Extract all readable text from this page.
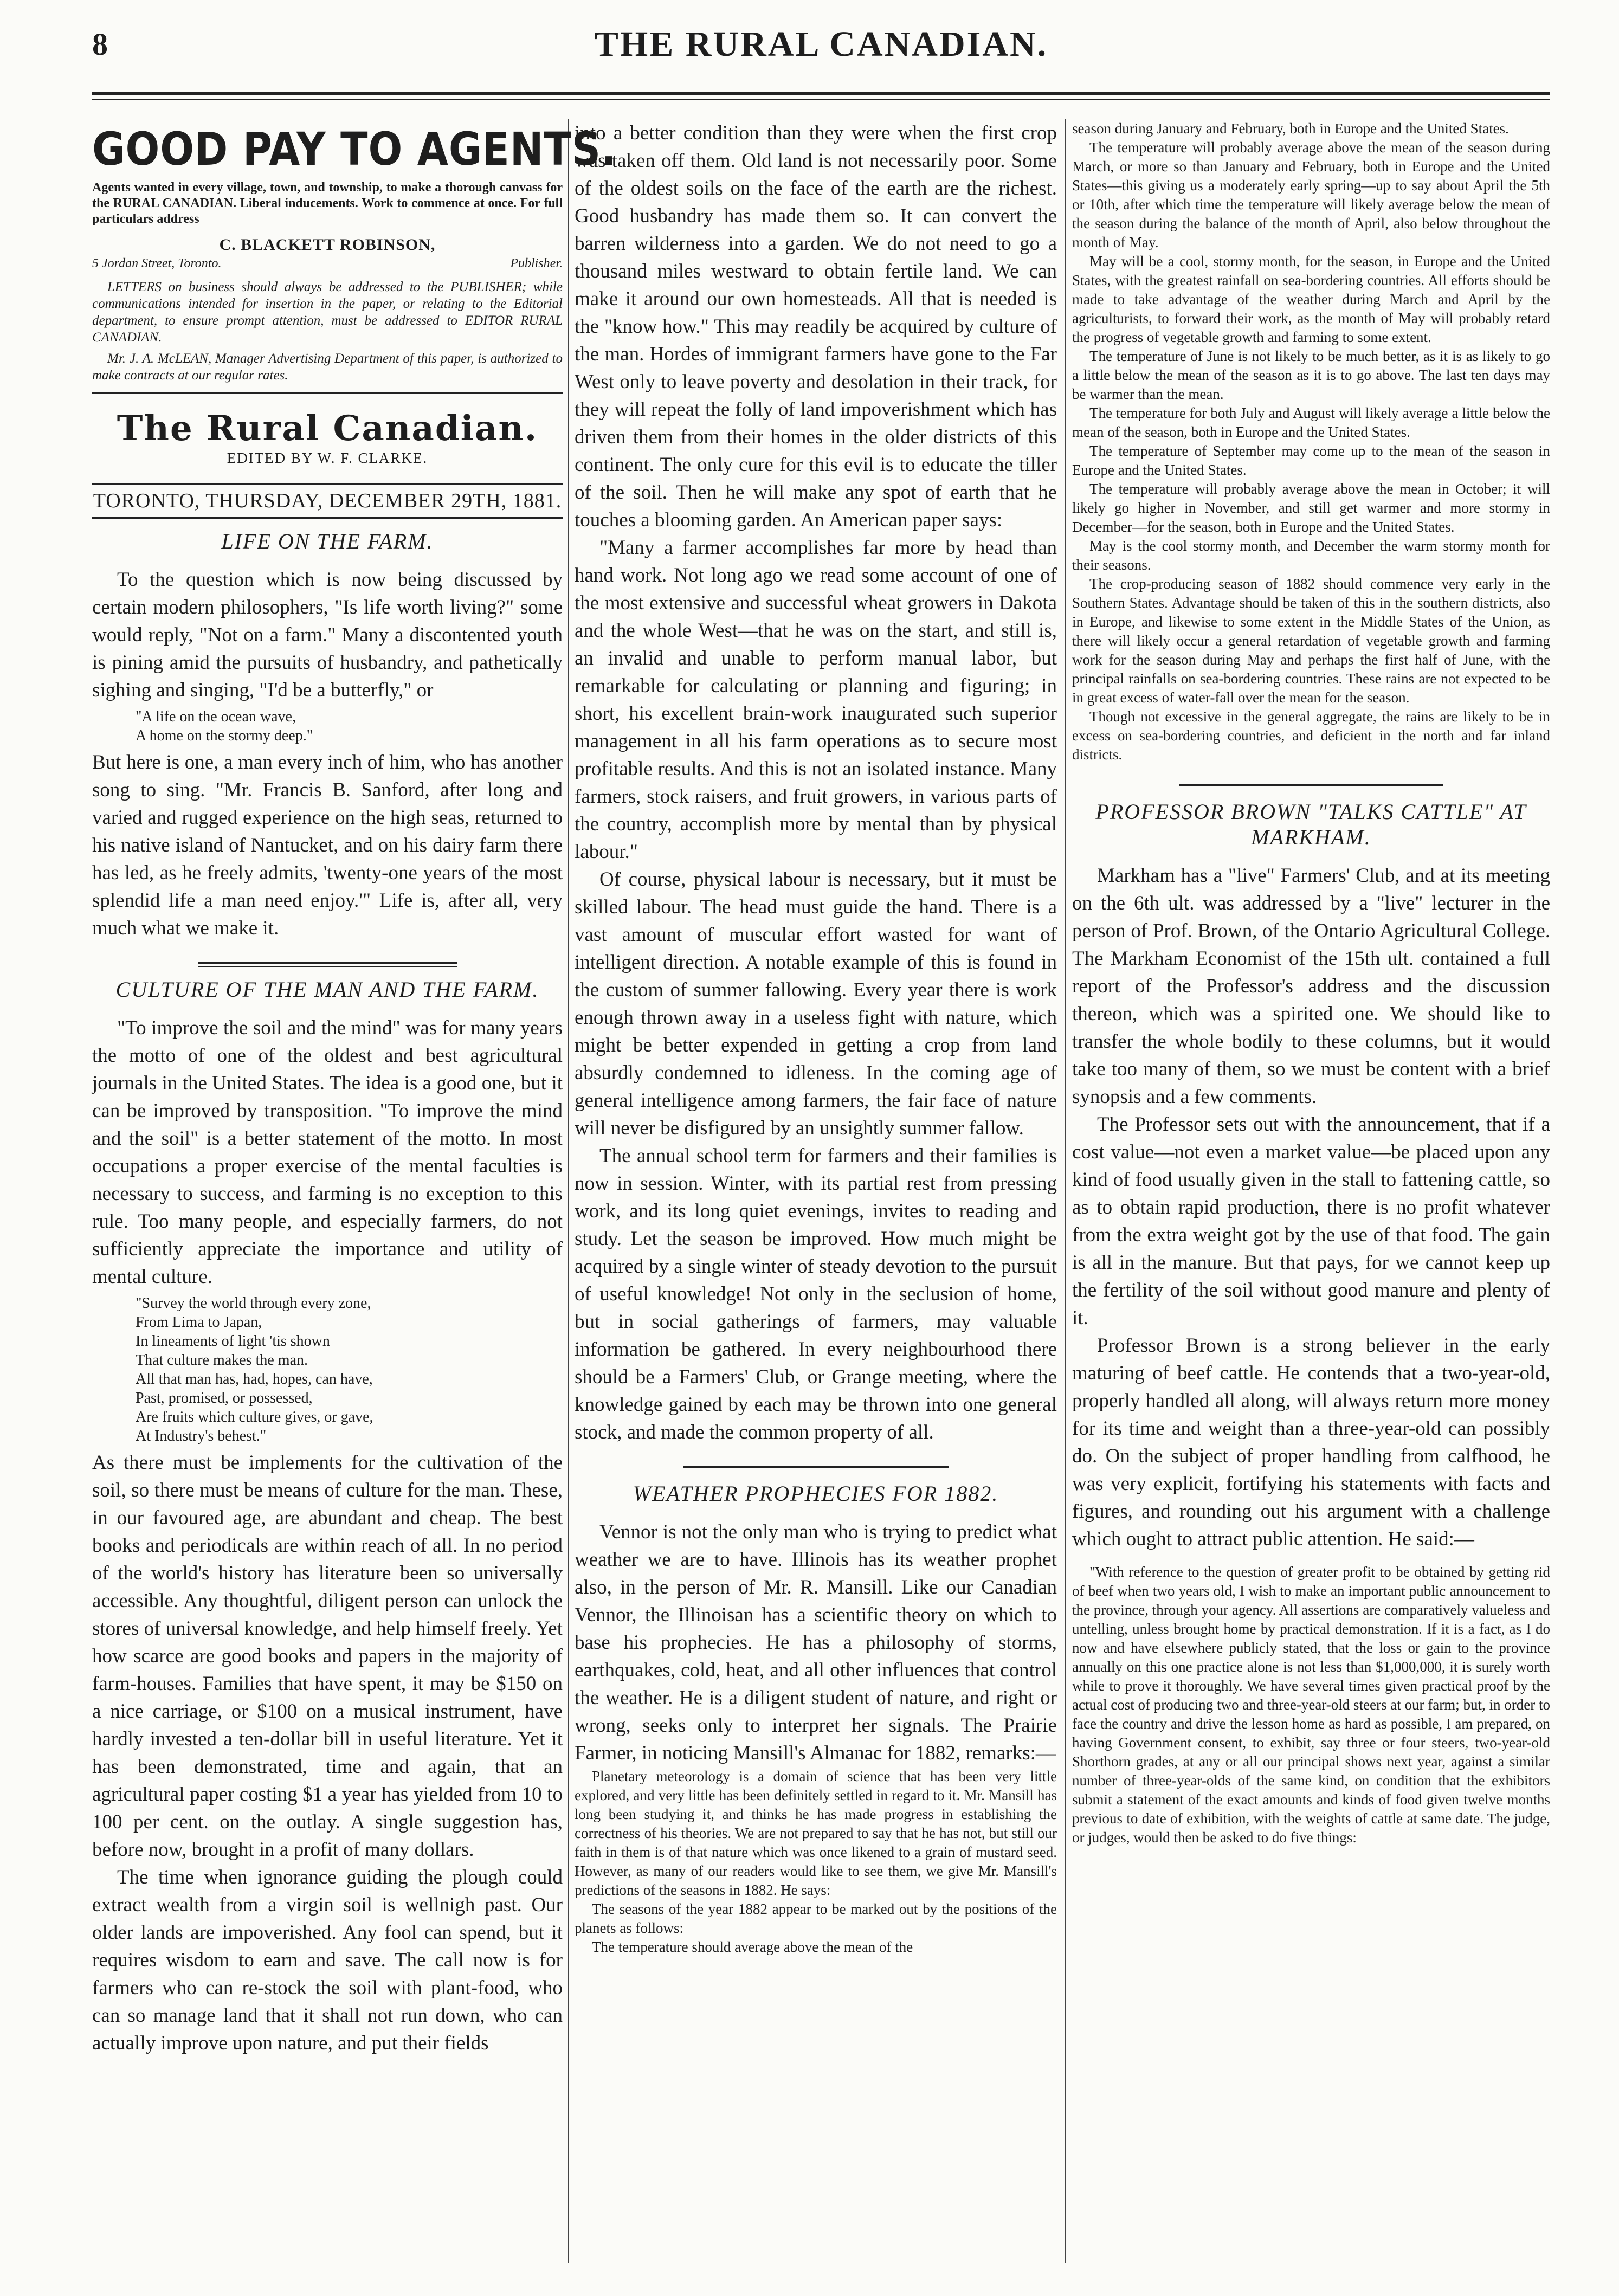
8	THE RURAL CANADIAN.
GOOD PAY TO AGENTS.

Agents wanted in every village, town, and township, to make a thorough canvass for the RURAL CANADIAN. Liberal inducements. Work to commence at once. For full particulars address

C. BLACKETT ROBINSON,
5 Jordan Street, Toronto.	Publisher.

LETTERS on business should always be addressed to the PUBLISHER; while communications intended for insertion in the paper, or relating to the Editorial department, to ensure prompt attention, must be addressed to EDITOR RURAL CANADIAN.

Mr. J. A. McLEAN, Manager Advertising Department of this paper, is authorized to make contracts at our regular rates.

The Rural Canadian.
EDITED BY W. F. CLARKE.
TORONTO, THURSDAY, DECEMBER 29TH, 1881.
LIFE ON THE FARM.

To the question which is now being discussed by certain modern philosophers, "Is life worth living?" some would reply, "Not on a farm." Many a discontented youth is pining amid the pursuits of husbandry, and pathetically sighing and singing, "I'd be a butterfly," or

"A life on the ocean wave,
A home on the stormy deep."

But here is one, a man every inch of him, who has another song to sing. "Mr. Francis B. Sanford, after long and varied and rugged experience on the high seas, returned to his native island of Nantucket, and on his dairy farm there has led, as he freely admits, 'twenty-one years of the most splendid life a man need enjoy.'" Life is, after all, very much what we make it.

CULTURE OF THE MAN AND THE FARM.

"To improve the soil and the mind" was for many years the motto of one of the oldest and best agricultural journals in the United States. The idea is a good one, but it can be improved by transposition. "To improve the mind and the soil" is a better statement of the motto. In most occupations a proper exercise of the mental faculties is necessary to success, and farming is no exception to this rule. Too many people, and especially farmers, do not sufficiently appreciate the importance and utility of mental culture.

"Survey the world through every zone,
From Lima to Japan,
In lineaments of light 'tis shown
That culture makes the man.
All that man has, had, hopes, can have,
Past, promised, or possessed,
Are fruits which culture gives, or gave,
At Industry's behest."

As there must be implements for the cultivation of the soil, so there must be means of culture for the man. These, in our favoured age, are abundant and cheap. The best books and periodicals are within reach of all. In no period of the world's history has literature been so universally accessible. Any thoughtful, diligent person can unlock the stores of universal knowledge, and help himself freely. Yet how scarce are good books and papers in the majority of farm-houses. Families that have spent, it may be $150 on a nice carriage, or $100 on a musical instrument, have hardly invested a ten-dollar bill in useful literature. Yet it has been demonstrated, time and again, that an agricultural paper costing $1 a year has yielded from 10 to 100 per cent. on the outlay. A single suggestion has, before now, brought in a profit of many dollars.

The time when ignorance guiding the plough could extract wealth from a virgin soil is wellnigh past. Our older lands are impoverished. Any fool can spend, but it requires wisdom to earn and save. The call now is for farmers who can re-stock the soil with plant-food, who can so manage land that it shall not run down, who can actually improve upon nature, and put their fields

into a better condition than they were when the first crop was taken off them. Old land is not necessarily poor. Some of the oldest soils on the face of the earth are the richest. Good husbandry has made them so. It can convert the barren wilderness into a garden. We do not need to go a thousand miles westward to obtain fertile land. We can make it around our own homesteads. All that is needed is the "know how." This may readily be acquired by culture of the man. Hordes of immigrant farmers have gone to the Far West only to leave poverty and desolation in their track, for they will repeat the folly of land impoverishment which has driven them from their homes in the older districts of this continent. The only cure for this evil is to educate the tiller of the soil. Then he will make any spot of earth that he touches a blooming garden. An American paper says:

"Many a farmer accomplishes far more by head than hand work. Not long ago we read some account of one of the most extensive and successful wheat growers in Dakota and the whole West—that he was on the start, and still is, an invalid and unable to perform manual labor, but remarkable for calculating or planning and figuring; in short, his excellent brain-work inaugurated such superior management in all his farm operations as to secure most profitable results. And this is not an isolated instance. Many farmers, stock raisers, and fruit growers, in various parts of the country, accomplish more by mental than by physical labour."

Of course, physical labour is necessary, but it must be skilled labour. The head must guide the hand. There is a vast amount of muscular effort wasted for want of intelligent direction. A notable example of this is found in the custom of summer fallowing. Every year there is work enough thrown away in a useless fight with nature, which might be better expended in getting a crop from land absurdly condemned to idleness. In the coming age of general intelligence among farmers, the fair face of nature will never be disfigured by an unsightly summer fallow.

The annual school term for farmers and their families is now in session. Winter, with its partial rest from pressing work, and its long quiet evenings, invites to reading and study. Let the season be improved. How much might be acquired by a single winter of steady devotion to the pursuit of useful knowledge! Not only in the seclusion of home, but in social gatherings of farmers, may valuable information be gathered. In every neighbourhood there should be a Farmers' Club, or Grange meeting, where the knowledge gained by each may be thrown into one general stock, and made the common property of all.

WEATHER PROPHECIES FOR 1882.

Vennor is not the only man who is trying to predict what weather we are to have. Illinois has its weather prophet also, in the person of Mr. R. Mansill. Like our Canadian Vennor, the Illinoisan has a scientific theory on which to base his prophecies. He has a philosophy of storms, earthquakes, cold, heat, and all other influences that control the weather. He is a diligent student of nature, and right or wrong, seeks only to interpret her signals. The Prairie Farmer, in noticing Mansill's Almanac for 1882, remarks:—

Planetary meteorology is a domain of science that has been very little explored, and very little has been definitely settled in regard to it. Mr. Mansill has long been studying it, and thinks he has made progress in establishing the correctness of his theories. We are not prepared to say that he has not, but still our faith in them is of that nature which was once likened to a grain of mustard seed. However, as many of our readers would like to see them, we give Mr. Mansill's predictions of the seasons in 1882. He says:

The seasons of the year 1882 appear to be marked out by the positions of the planets as follows:

The temperature should average above the mean of the

season during January and February, both in Europe and the United States.

The temperature will probably average above the mean of the season during March, or more so than January and February, both in Europe and the United States—this giving us a moderately early spring—up to say about April the 5th or 10th, after which time the temperature will likely average below the mean of the season during the balance of the month of April, also below throughout the month of May.

May will be a cool, stormy month, for the season, in Europe and the United States, with the greatest rainfall on sea-bordering countries. All efforts should be made to take advantage of the weather during March and April by the agriculturists, to forward their work, as the month of May will probably retard the progress of vegetable growth and farming to some extent.

The temperature of June is not likely to be much better, as it is as likely to go a little below the mean of the season as it is to go above. The last ten days may be warmer than the mean.

The temperature for both July and August will likely average a little below the mean of the season, both in Europe and the United States.

The temperature of September may come up to the mean of the season in Europe and the United States.

The temperature will probably average above the mean in October; it will likely go higher in November, and still get warmer and more stormy in December—for the season, both in Europe and the United States.

May is the cool stormy month, and December the warm stormy month for their seasons.

The crop-producing season of 1882 should commence very early in the Southern States. Advantage should be taken of this in the southern districts, also in Europe, and likewise to some extent in the Middle States of the Union, as there will likely occur a general retardation of vegetable growth and farming work for the season during May and perhaps the first half of June, with the principal rainfalls on sea-bordering countries. These rains are not expected to be in great excess of water-fall over the mean for the season.

Though not excessive in the general aggregate, the rains are likely to be in excess on sea-bordering countries, and deficient in the north and far inland districts.

PROFESSOR BROWN "TALKS CATTLE" AT MARKHAM.

Markham has a "live" Farmers' Club, and at its meeting on the 6th ult. was addressed by a "live" lecturer in the person of Prof. Brown, of the Ontario Agricultural College. The Markham Economist of the 15th ult. contained a full report of the Professor's address and the discussion thereon, which was a spirited one. We should like to transfer the whole bodily to these columns, but it would take too many of them, so we must be content with a brief synopsis and a few comments.

The Professor sets out with the announcement, that if a cost value—not even a market value—be placed upon any kind of food usually given in the stall to fattening cattle, so as to obtain rapid production, there is no profit whatever from the extra weight got by the use of that food. The gain is all in the manure. But that pays, for we cannot keep up the fertility of the soil without good manure and plenty of it.

Professor Brown is a strong believer in the early maturing of beef cattle. He contends that a two-year-old, properly handled all along, will always return more money for its time and weight than a three-year-old can possibly do. On the subject of proper handling from calfhood, he was very explicit, fortifying his statements with facts and figures, and rounding out his argument with a challenge which ought to attract public attention. He said:—

"With reference to the question of greater profit to be obtained by getting rid of beef when two years old, I wish to make an important public announcement to the province, through your agency. All assertions are comparatively valueless and untelling, unless brought home by practical demonstration. If it is a fact, as I do now and have elsewhere publicly stated, that the loss or gain to the province annually on this one practice alone is not less than $1,000,000, it is surely worth while to prove it thoroughly. We have several times given practical proof by the actual cost of producing two and three-year-old steers at our farm; but, in order to face the country and drive the lesson home as hard as possible, I am prepared, on having Government consent, to exhibit, say three or four steers, two-year-old Shorthorn grades, at any or all our principal shows next year, against a similar number of three-year-olds of the same kind, on condition that the exhibitors submit a statement of the exact amounts and kinds of food given twelve months previous to date of exhibition, with the weights of cattle at same date. The judge, or judges, would then be asked to do five things:
